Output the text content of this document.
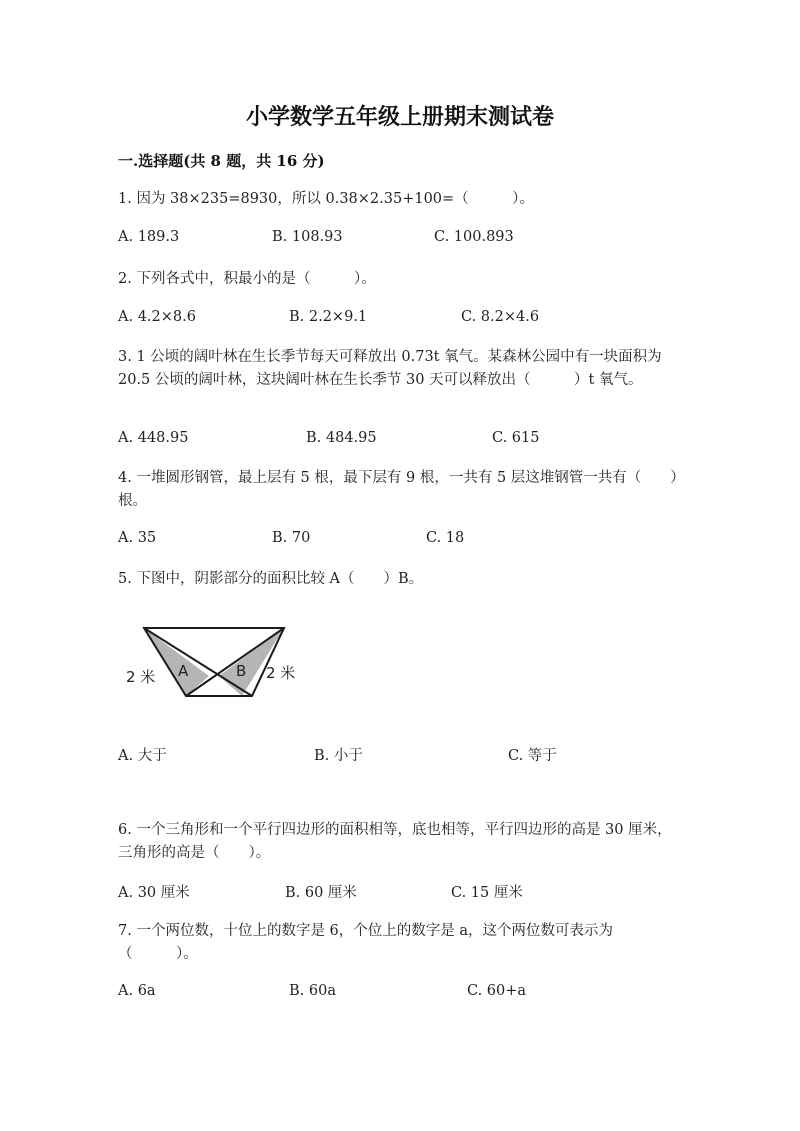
小学数学五年级上册期末测试卷
一.选择题(共 8 题，共 16 分)
1. 因为 38×235=8930，所以 0.38×2.35+100=（　　　）。
A. 189.3	B. 108.93	C. 100.893
2. 下列各式中，积最小的是（　　　）。
A. 4.2×8.6	B. 2.2×9.1	C. 8.2×4.6
3. 1 公顷的阔叶林在生长季节每天可释放出 0.73t 氧气。某森林公园中有一块面积为 20.5 公顷的阔叶林，这块阔叶林在生长季节 30 天可以释放出（　　　）t 氧气。
A. 448.95	B. 484.95	C. 615
4. 一堆圆形钢管，最上层有 5 根，最下层有 9 根，一共有 5 层这堆钢管一共有（　　）根。
A. 35	B. 70	C. 18
5. 下图中，阴影部分的面积比较 A（　　）B。
A	B
2 米	2 米
A. 大于	B. 小于	C. 等于
6. 一个三角形和一个平行四边形的面积相等，底也相等，平行四边形的高是 30 厘米，三角形的高是（　　）。
A. 30 厘米	B. 60 厘米	C. 15 厘米
7. 一个两位数，十位上的数字是 6，个位上的数字是 a，这个两位数可表示为（　　　）。
A. 6a	B. 60a	C. 60+a
